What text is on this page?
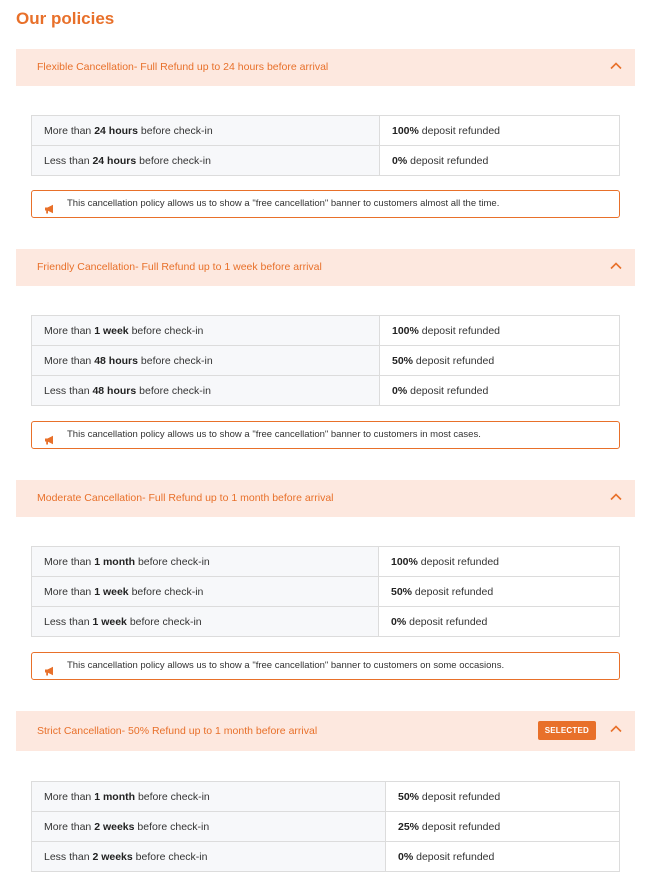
Our policies
Flexible Cancellation- Full Refund up to 24 hours before arrival
More than 24 hours before check-in	100% deposit refunded
Less than 24 hours before check-in	0% deposit refunded
This cancellation policy allows us to show a "free cancellation" banner to customers almost all the time.
Friendly Cancellation- Full Refund up to 1 week before arrival
More than 1 week before check-in	100% deposit refunded
More than 48 hours before check-in	50% deposit refunded
Less than 48 hours before check-in	0% deposit refunded
This cancellation policy allows us to show a "free cancellation" banner to customers in most cases.
Moderate Cancellation- Full Refund up to 1 month before arrival
More than 1 month before check-in	100% deposit refunded
More than 1 week before check-in	50% deposit refunded
Less than 1 week before check-in	0% deposit refunded
This cancellation policy allows us to show a "free cancellation" banner to customers on some occasions.
Strict Cancellation- 50% Refund up to 1 month before arrival	SELECTED
More than 1 month before check-in	50% deposit refunded
More than 2 weeks before check-in	25% deposit refunded
Less than 2 weeks before check-in	0% deposit refunded
